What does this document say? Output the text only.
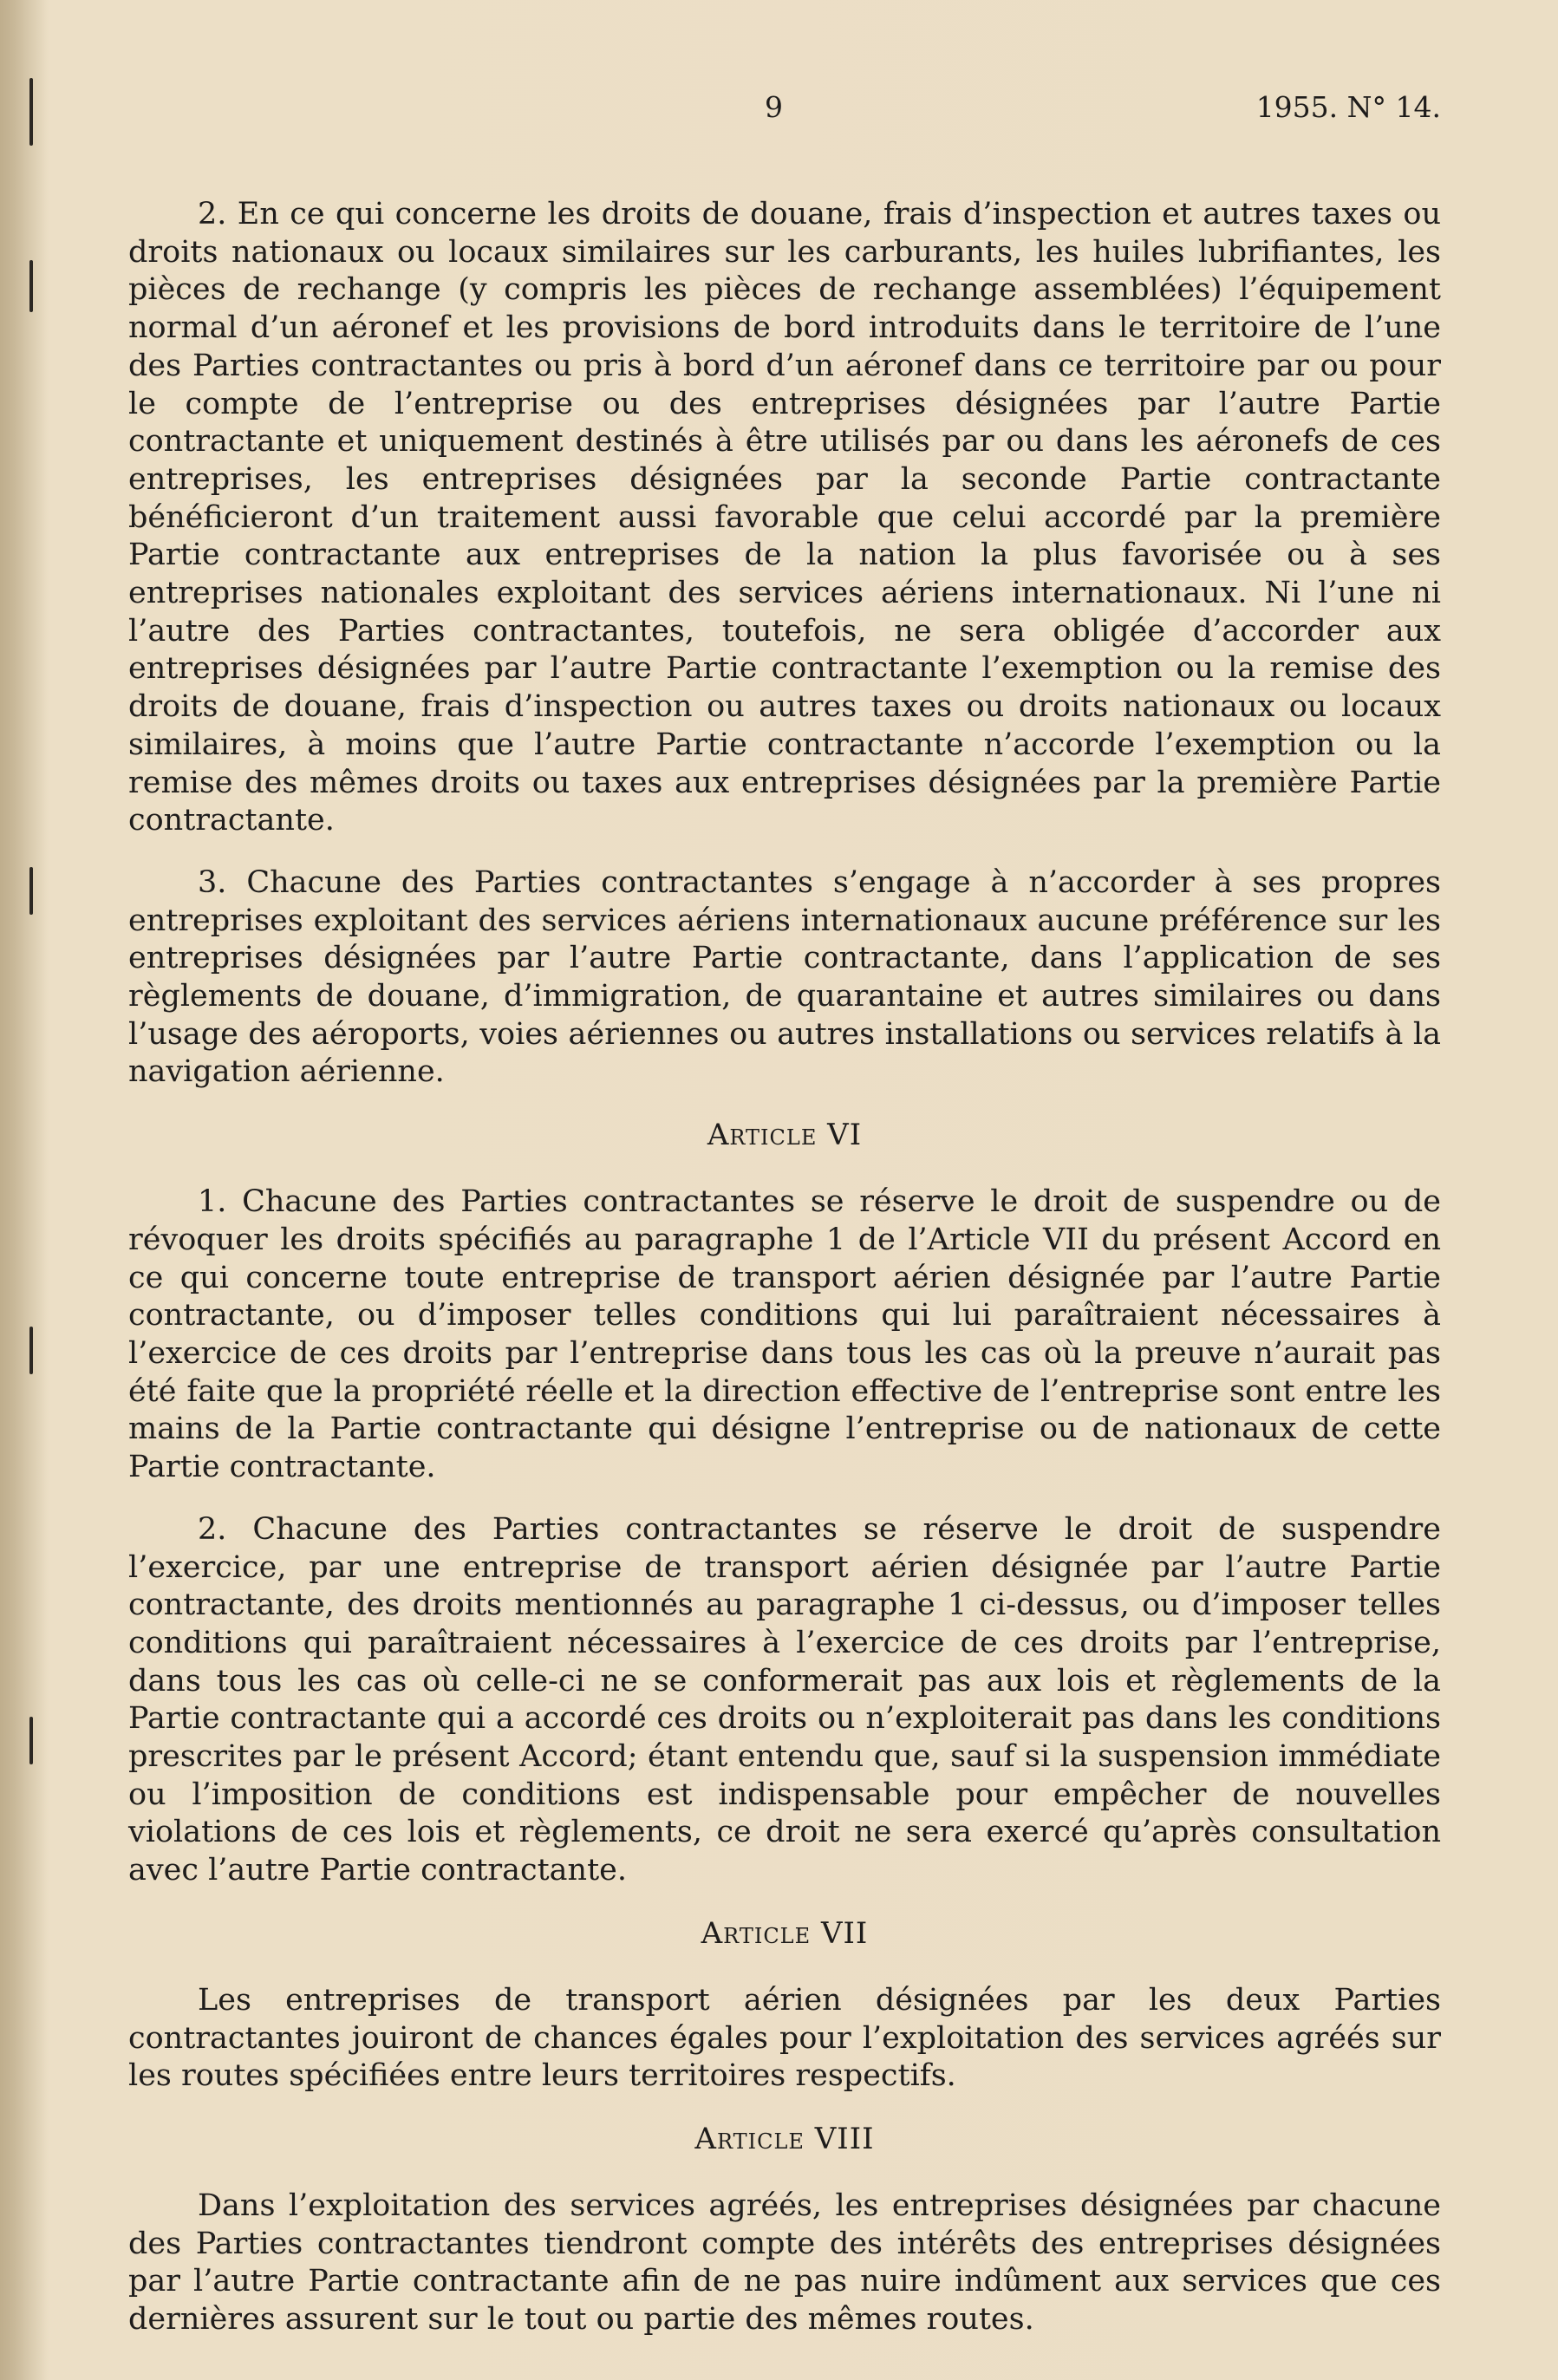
9	1955. N° 14.

2. En ce qui concerne les droits de douane, frais d’inspection et autres taxes ou droits nationaux ou locaux similaires sur les carburants, les huiles lubrifiantes, les pièces de rechange (y compris les pièces de rechange assemblées) l’équipement normal d’un aéronef et les provisions de bord introduits dans le territoire de l’une des Parties contractantes ou pris à bord d’un aéronef dans ce territoire par ou pour le compte de l’entreprise ou des entreprises désignées par l’autre Partie contractante et uniquement destinés à être utilisés par ou dans les aéronefs de ces entreprises, les entreprises désignées par la seconde Partie contractante bénéficieront d’un traitement aussi favorable que celui accordé par la première Partie contractante aux entreprises de la nation la plus favorisée ou à ses entreprises nationales exploitant des services aériens internationaux. Ni l’une ni l’autre des Parties contractantes, toutefois, ne sera obligée d’accorder aux entreprises désignées par l’autre Partie contractante l’exemption ou la remise des droits de douane, frais d’inspection ou autres taxes ou droits nationaux ou locaux similaires, à moins que l’autre Partie contractante n’accorde l’exemption ou la remise des mêmes droits ou taxes aux entreprises désignées par la première Partie contractante.

3. Chacune des Parties contractantes s’engage à n’accorder à ses propres entreprises exploitant des services aériens internationaux aucune préférence sur les entreprises désignées par l’autre Partie contractante, dans l’application de ses règlements de douane, d’immigration, de quarantaine et autres similaires ou dans l’usage des aéroports, voies aériennes ou autres installations ou services relatifs à la navigation aérienne.

Article VI

1. Chacune des Parties contractantes se réserve le droit de suspendre ou de révoquer les droits spécifiés au paragraphe 1 de l’Article VII du présent Accord en ce qui concerne toute entreprise de transport aérien désignée par l’autre Partie contractante, ou d’imposer telles conditions qui lui paraîtraient nécessaires à l’exercice de ces droits par l’entreprise dans tous les cas où la preuve n’aurait pas été faite que la propriété réelle et la direction effective de l’entreprise sont entre les mains de la Partie contractante qui désigne l’entreprise ou de nationaux de cette Partie contractante.

2. Chacune des Parties contractantes se réserve le droit de suspendre l’exercice, par une entreprise de transport aérien désignée par l’autre Partie contractante, des droits mentionnés au paragraphe 1 ci-dessus, ou d’imposer telles conditions qui paraîtraient nécessaires à l’exercice de ces droits par l’entreprise, dans tous les cas où celle-ci ne se conformerait pas aux lois et règlements de la Partie contractante qui a accordé ces droits ou n’exploiterait pas dans les conditions prescrites par le présent Accord; étant entendu que, sauf si la suspension immédiate ou l’imposition de conditions est indispensable pour empêcher de nouvelles violations de ces lois et règlements, ce droit ne sera exercé qu’après consultation avec l’autre Partie contractante.

Article VII

Les entreprises de transport aérien désignées par les deux Parties contractantes jouiront de chances égales pour l’exploitation des services agréés sur les routes spécifiées entre leurs territoires respectifs.

Article VIII

Dans l’exploitation des services agréés, les entreprises désignées par chacune des Parties contractantes tiendront compte des intérêts des entreprises désignées par l’autre Partie contractante afin de ne pas nuire indûment aux services que ces dernières assurent sur le tout ou partie des mêmes routes.
